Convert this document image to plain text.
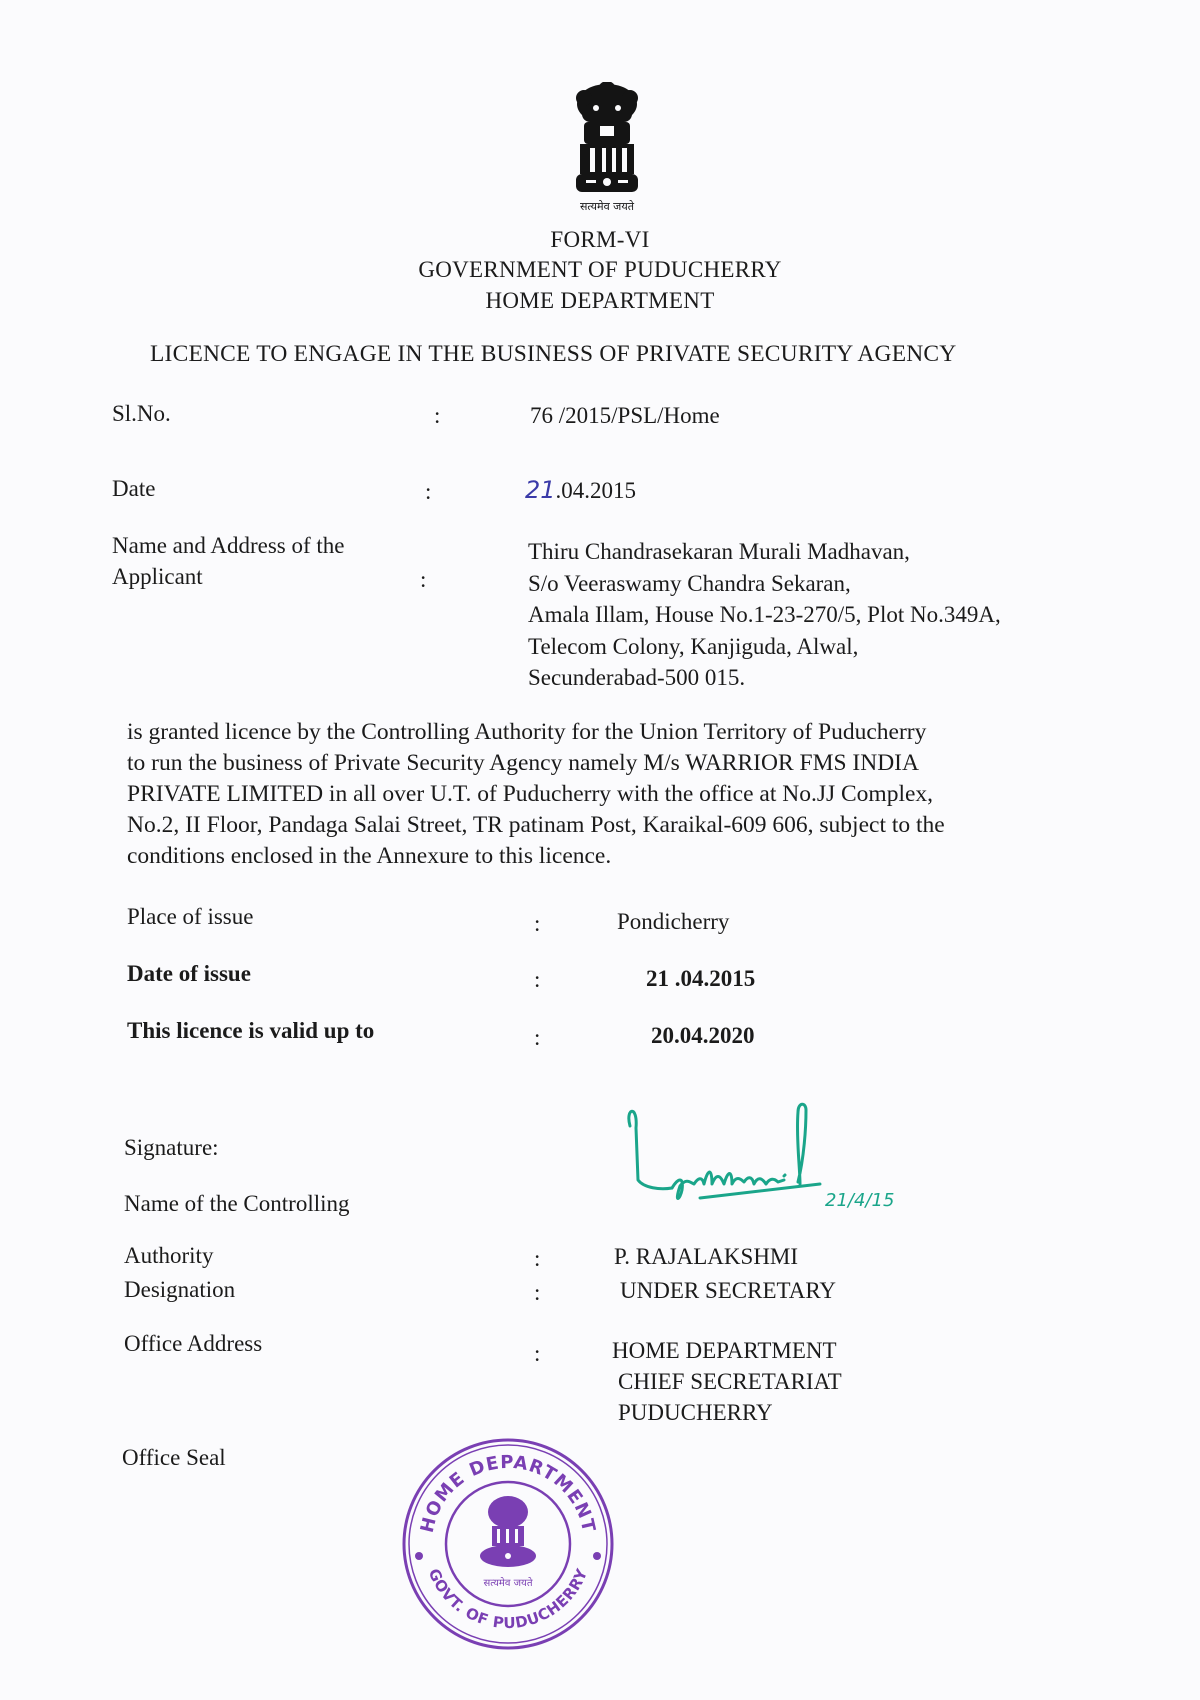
सत्यमेव जयते
FORM-VI
GOVERNMENT OF PUDUCHERRY
HOME DEPARTMENT
LICENCE TO ENGAGE IN THE BUSINESS OF PRIVATE SECURITY AGENCY
Sl.No.	:	76 /2015/PSL/Home
Date	:	21.04.2015
Name and Address of the
Applicant	:
Thiru Chandrasekaran Murali Madhavan,
S/o Veeraswamy Chandra Sekaran,
Amala Illam, House No.1-23-270/5, Plot No.349A,
Telecom Colony, Kanjiguda, Alwal,
Secunderabad-500 015.
is granted licence by the Controlling Authority for the Union Territory of Puducherry
to run the business of Private Security Agency namely M/s WARRIOR FMS INDIA
PRIVATE LIMITED in all over U.T. of Puducherry with the office at No.JJ Complex,
No.2, II Floor, Pandaga Salai Street, TR patinam Post, Karaikal-609 606, subject to the
conditions enclosed in the Annexure to this licence.
Place of issue	:	Pondicherry
Date of issue	:	21 .04.2015
This licence is valid up to	:	20.04.2020
Signature:
21/4/15
Name of the Controlling
Authority	:	P. RAJALAKSHMI
Designation	:	UNDER SECRETARY
Office Address	:	HOME DEPARTMENT
CHIEF SECRETARIAT
PUDUCHERRY
Office Seal
HOME DEPARTMENT
GOVT. OF PUDUCHERRY
सत्यमेव जयते
